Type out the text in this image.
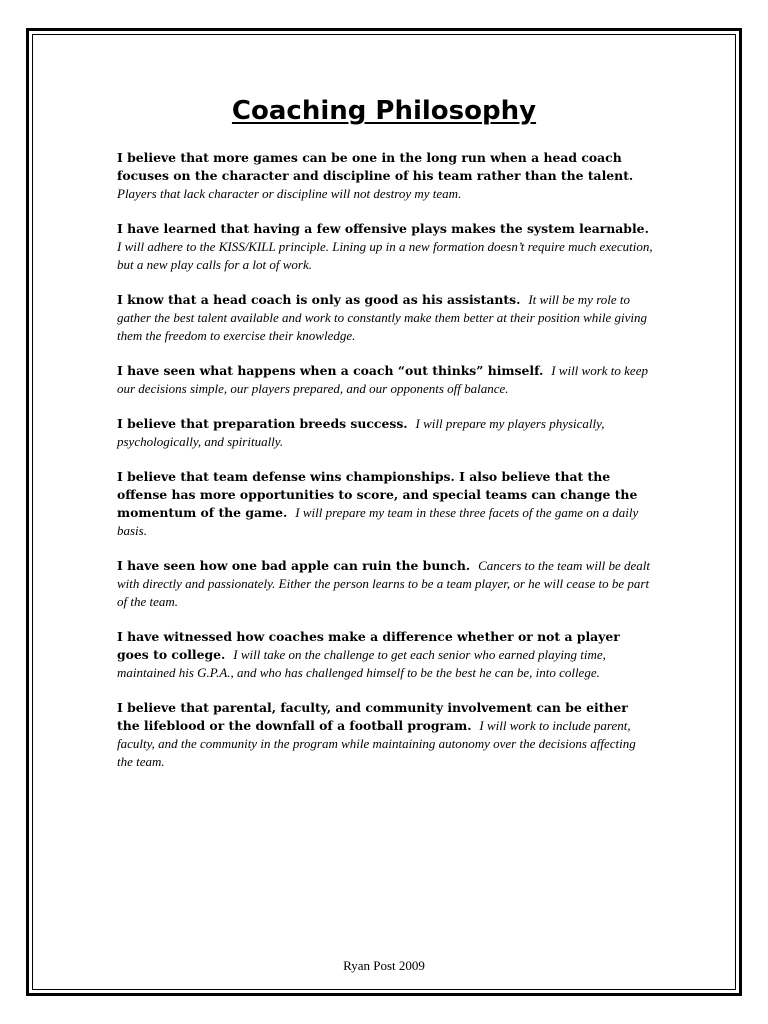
Coaching Philosophy

I believe that more games can be one in the long run when a head coach focuses on the character and discipline of his team rather than the talent.  Players that lack character or discipline will not destroy my team.

I have learned that having a few offensive plays makes the system learnable.  I will adhere to the KISS/KILL principle. Lining up in a new formation doesn’t require much execution, but a new play calls for a lot of work.

I know that a head coach is only as good as his assistants. It will be my role to gather the best talent available and work to constantly make them better at their position while giving them the freedom to exercise their knowledge.

I have seen what happens when a coach “out thinks” himself. I will work to keep our decisions simple, our players prepared, and our opponents off balance.

I believe that preparation breeds success. I will prepare my players physically, psychologically, and spiritually.

I believe that team defense wins championships. I also believe that the offense has more opportunities to score, and special teams can change the momentum of the game. I will prepare my team in these three facets of the game on a daily basis.

I have seen how one bad apple can ruin the bunch. Cancers to the team will be dealt with directly and passionately. Either the person learns to be a team player, or he will cease to be part of the team.

I have witnessed how coaches make a difference whether or not a player goes to college. I will take on the challenge to get each senior who earned playing time, maintained his G.P.A., and who has challenged himself to be the best he can be, into college.

I believe that parental, faculty, and community involvement can be either the lifeblood or the downfall of a football program. I will work to include parent, faculty, and the community in the program while maintaining autonomy over the decisions affecting the team.

Ryan Post 2009
